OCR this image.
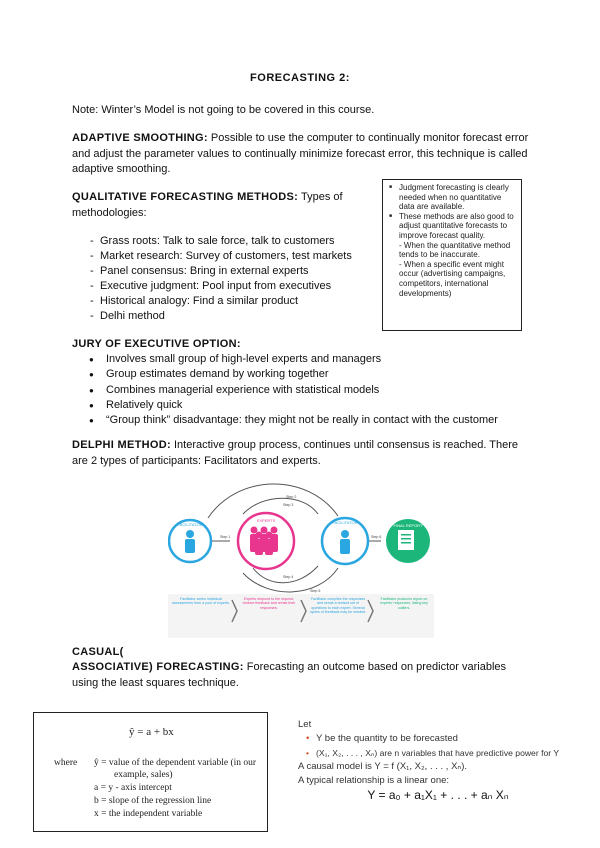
FORECASTING 2:
Note: Winter’s Model is not going to be covered in this course.
ADAPTIVE SMOOTHING: Possible to use the computer to continually monitor forecast error and adjust the parameter values to continually minimize forecast error, this technique is called adaptive smoothing.
QUALITATIVE FORECASTING METHODS: Types of methodologies:
- Grass roots: Talk to sale force, talk to customers
- Market research: Survey of customers, test markets
- Panel consensus: Bring in external experts
- Executive judgment: Pool input from executives
- Historical analogy: Find a similar product
- Delhi method
■ Judgment forecasting is clearly needed when no quantitative data are available.
■ These methods are also good to adjust quantitative forecasts to improve forecast quality.
- When the quantitative method tends to be inaccurate.
- When a specific event might occur (advertising campaigns, competitors, international developments)
JURY OF EXECUTIVE OPTION:
● Involves small group of high-level experts and managers
● Group estimates demand by working together
● Combines managerial experience with statistical models
● Relatively quick
● “Group think” disadvantage: they might not be really in contact with the customer
DELPHI METHOD: Interactive group process, continues until consensus is reached. There are 2 types of participants: Facilitators and experts.
FACILITATOR
EXPERTS	FACILITATOR
FINAL REPORT
Step 1
Step 2
Step 3
Step 4
Step 5
Step 6
Facilitator seeks individual assessments from a pool of experts.
Experts respond to the request, receive feedback and revise their responses.
Facilitator compiles the responses and sends a revised set of questions to each expert. Several cycles of feedback may be needed.
Facilitator produces report on experts' responses, listing key outliers.
CASUAL(
ASSOCIATIVE) FORECASTING: Forecasting an outcome based on predictor variables using the least squares technique.
ŷ = a + bx
where ŷ = value of the dependent variable (in our
example, sales)
a = y - axis intercept
b = slope of the regression line
x = the independent variable
Let
• Y be the quantity to be forecasted
• (X₁, X₂, . . . , Xₙ) are n variables that have predictive power for Y
A causal model is Y = f (X₁, X₂, . . . , Xₙ).
A typical relationship is a linear one:
Y = a₀ + a₁X₁ + . . . + aₙ Xₙ
